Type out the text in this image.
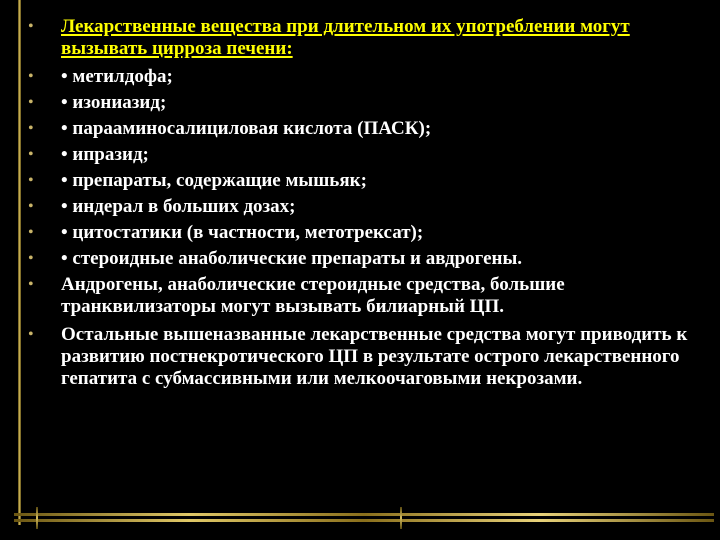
• Лекарственные вещества при длительном их употреблении могут вызывать цирроза печени:
• • метилдофа;
• • изониазид;
• • парааминосалициловая кислота (ПАСК);
• • ипразид;
• • препараты, содержащие мышьяк;
• • индерал в больших дозах;
• • цитостатики (в частности, метотрексат);
• • стероидные анаболические препараты и авдрогены.
• Андрогены, анаболические стероидные средства, большие транквилизаторы могут вызывать билиарный ЦП.
• Остальные вышеназванные лекарственные средства могут приводить к развитию постнекротического ЦП в результате острого лекарственного гепатита с субмассивными или мелкоочаговыми некрозами.
